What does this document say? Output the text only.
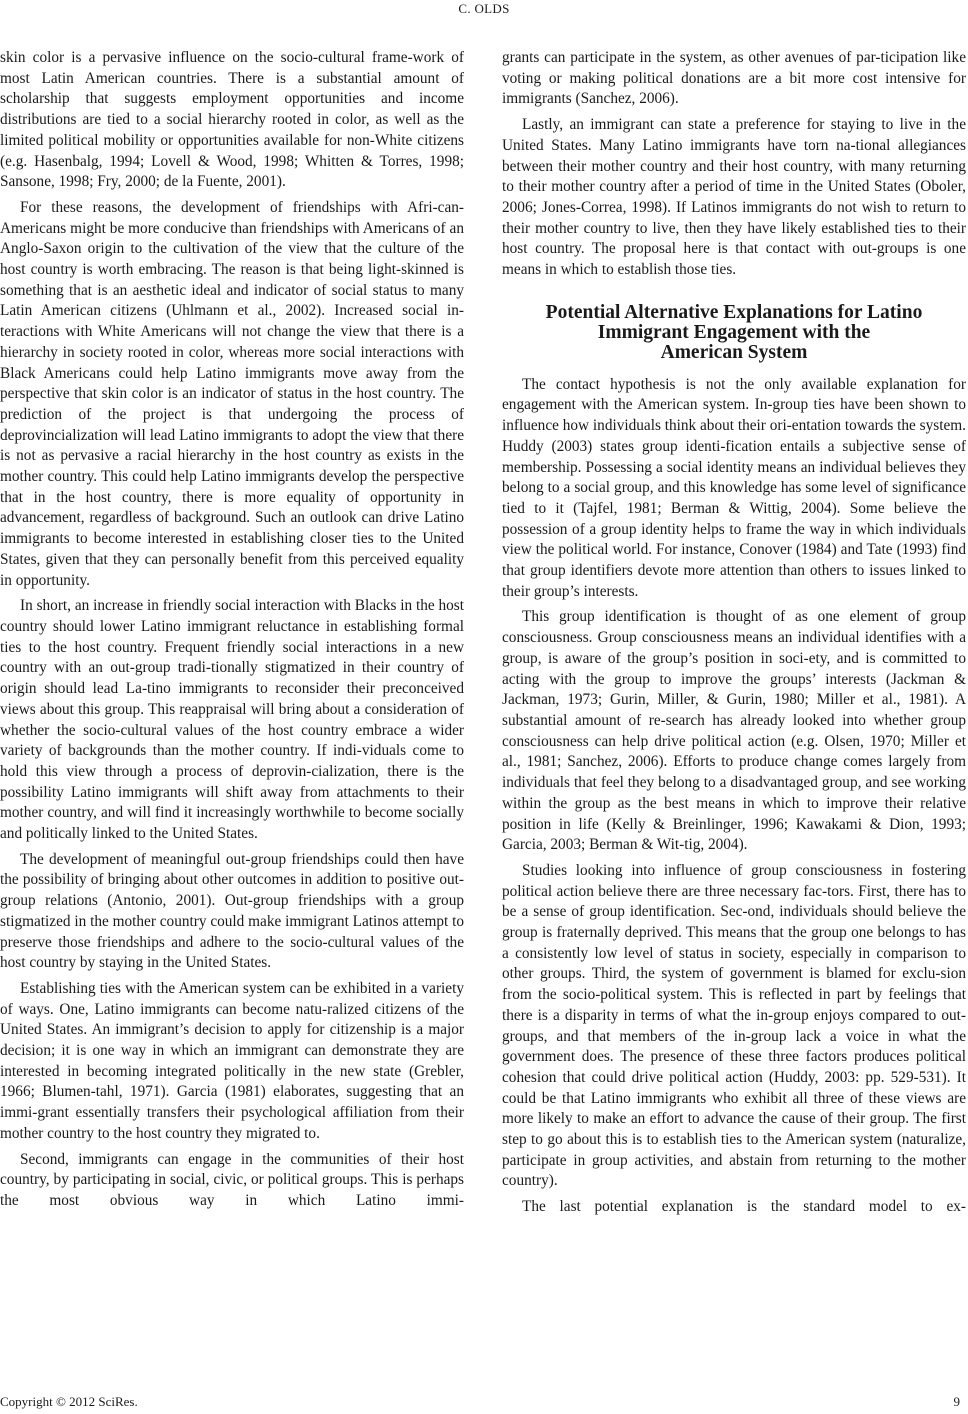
C. OLDS

skin color is a pervasive influence on the socio-cultural frame-work of most Latin American countries. There is a substantial amount of scholarship that suggests employment opportunities and income distributions are tied to a social hierarchy rooted in color, as well as the limited political mobility or opportunities available for non-White citizens (e.g. Hasenbalg, 1994; Lovell & Wood, 1998; Whitten & Torres, 1998; Sansone, 1998; Fry, 2000; de la Fuente, 2001).

For these reasons, the development of friendships with Afri-can-Americans might be more conducive than friendships with Americans of an Anglo-Saxon origin to the cultivation of the view that the culture of the host country is worth embracing. The reason is that being light-skinned is something that is an aesthetic ideal and indicator of social status to many Latin American citizens (Uhlmann et al., 2002). Increased social in-teractions with White Americans will not change the view that there is a hierarchy in society rooted in color, whereas more social interactions with Black Americans could help Latino immigrants move away from the perspective that skin color is an indicator of status in the host country. The prediction of the project is that undergoing the process of deprovincialization will lead Latino immigrants to adopt the view that there is not as pervasive a racial hierarchy in the host country as exists in the mother country. This could help Latino immigrants develop the perspective that in the host country, there is more equality of opportunity in advancement, regardless of background. Such an outlook can drive Latino immigrants to become interested in establishing closer ties to the United States, given that they can personally benefit from this perceived equality in opportunity.

In short, an increase in friendly social interaction with Blacks in the host country should lower Latino immigrant reluctance in establishing formal ties to the host country. Frequent friendly social interactions in a new country with an out-group tradi-tionally stigmatized in their country of origin should lead La-tino immigrants to reconsider their preconceived views about this group. This reappraisal will bring about a consideration of whether the socio-cultural values of the host country embrace a wider variety of backgrounds than the mother country. If indi-viduals come to hold this view through a process of deprovin-cialization, there is the possibility Latino immigrants will shift away from attachments to their mother country, and will find it increasingly worthwhile to become socially and politically linked to the United States.

The development of meaningful out-group friendships could then have the possibility of bringing about other outcomes in addition to positive out-group relations (Antonio, 2001). Out-group friendships with a group stigmatized in the mother country could make immigrant Latinos attempt to preserve those friendships and adhere to the socio-cultural values of the host country by staying in the United States.

Establishing ties with the American system can be exhibited in a variety of ways. One, Latino immigrants can become natu-ralized citizens of the United States. An immigrant’s decision to apply for citizenship is a major decision; it is one way in which an immigrant can demonstrate they are interested in becoming integrated politically in the new state (Grebler, 1966; Blumen-tahl, 1971). Garcia (1981) elaborates, suggesting that an immi-grant essentially transfers their psychological affiliation from their mother country to the host country they migrated to.

Second, immigrants can engage in the communities of their host country, by participating in social, civic, or political groups. This is perhaps the most obvious way in which Latino immi-

grants can participate in the system, as other avenues of par-ticipation like voting or making political donations are a bit more cost intensive for immigrants (Sanchez, 2006).

Lastly, an immigrant can state a preference for staying to live in the United States. Many Latino immigrants have torn na-tional allegiances between their mother country and their host country, with many returning to their mother country after a period of time in the United States (Oboler, 2006; Jones-Correa, 1998). If Latinos immigrants do not wish to return to their mother country to live, then they have likely established ties to their host country. The proposal here is that contact with out-groups is one means in which to establish those ties.

Potential Alternative Explanations for Latino
Immigrant Engagement with the
American System

The contact hypothesis is not the only available explanation for engagement with the American system. In-group ties have been shown to influence how individuals think about their ori-entation towards the system. Huddy (2003) states group identi-fication entails a subjective sense of membership. Possessing a social identity means an individual believes they belong to a social group, and this knowledge has some level of significance tied to it (Tajfel, 1981; Berman & Wittig, 2004). Some believe the possession of a group identity helps to frame the way in which individuals view the political world. For instance, Conover (1984) and Tate (1993) find that group identifiers devote more attention than others to issues linked to their group’s interests.

This group identification is thought of as one element of group consciousness. Group consciousness means an individual identifies with a group, is aware of the group’s position in soci-ety, and is committed to acting with the group to improve the groups’ interests (Jackman & Jackman, 1973; Gurin, Miller, & Gurin, 1980; Miller et al., 1981). A substantial amount of re-search has already looked into whether group consciousness can help drive political action (e.g. Olsen, 1970; Miller et al., 1981; Sanchez, 2006). Efforts to produce change comes largely from individuals that feel they belong to a disadvantaged group, and see working within the group as the best means in which to improve their relative position in life (Kelly & Breinlinger, 1996; Kawakami & Dion, 1993; Garcia, 2003; Berman & Wit-tig, 2004).

Studies looking into influence of group consciousness in fostering political action believe there are three necessary fac-tors. First, there has to be a sense of group identification. Sec-ond, individuals should believe the group is fraternally deprived. This means that the group one belongs to has a consistently low level of status in society, especially in comparison to other groups. Third, the system of government is blamed for exclu-sion from the socio-political system. This is reflected in part by feelings that there is a disparity in terms of what the in-group enjoys compared to out-groups, and that members of the in-group lack a voice in what the government does. The presence of these three factors produces political cohesion that could drive political action (Huddy, 2003: pp. 529-531). It could be that Latino immigrants who exhibit all three of these views are more likely to make an effort to advance the cause of their group. The first step to go about this is to establish ties to the American system (naturalize, participate in group activities, and abstain from returning to the mother country).

The last potential explanation is the standard model to ex-

Copyright © 2012 SciRes.	9
